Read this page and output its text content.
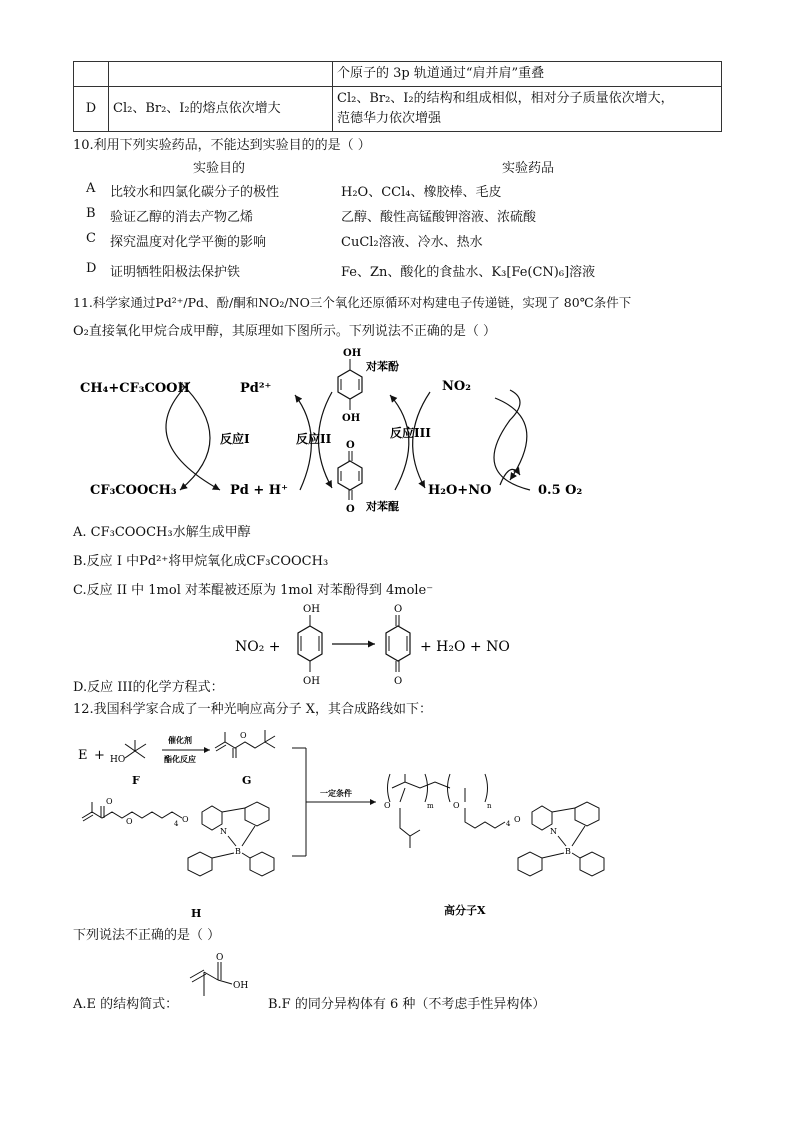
		个原子的 3p 轨道通过“肩并肩”重叠
D	Cl₂、Br₂、I₂的熔点依次增大	Cl₂、Br₂、I₂的结构和组成相似，相对分子质量依次增大，
范德华力依次增强
10.利用下列实验药品，不能达到实验目的的是（ ）
实验目的	实验药品
A 比较水和四氯化碳分子的极性	H₂O、CCl₄、橡胶棒、毛皮
B 验证乙醇的消去产物乙烯	乙醇、酸性高锰酸钾溶液、浓硫酸
C 探究温度对化学平衡的影响	CuCl₂溶液、冷水、热水
D 证明牺牲阳极法保护铁	Fe、Zn、酸化的食盐水、K₃[Fe(CN)₆]溶液
11.科学家通过Pd²⁺/Pd、酚/酮和NO₂/NO三个氧化还原循环对构建电子传递链，实现了 80℃条件下
O₂直接氧化甲烷合成甲醇，其原理如下图所示。下列说法不正确的是（ ）
CH₄+CF₃COOH	Pd²⁺
反应I
CF₃COOCH₃	Pd + H⁺
反应II
OH
OH
对苯酚
O
O 对苯醌
反应III
NO₂
H₂O+NO	0.5 O₂
A. CF₃COOCH₃水解生成甲醇
B.反应 I 中Pd²⁺将甲烷氧化成CF₃COOCH₃
C.反应 II 中 1mol 对苯醌被还原为 1mol 对苯酚得到 4mole⁻
NO₂ +
OH
OH
O
O
+ H₂O + NO
D.反应 III的化学方程式：
12.我国科学家合成了一种光响应高分子 X，其合成路线如下：
E + HO
F
催化剂
酯化反应
O
G
一定条件
O
O	4 O
N
B
H
m	n
O	O
4 O
N
B
高分子X
下列说法不正确的是（ ）
A.E 的结构简式：
O
OH
B.F 的同分异构体有 6 种（不考虑手性异构体）
